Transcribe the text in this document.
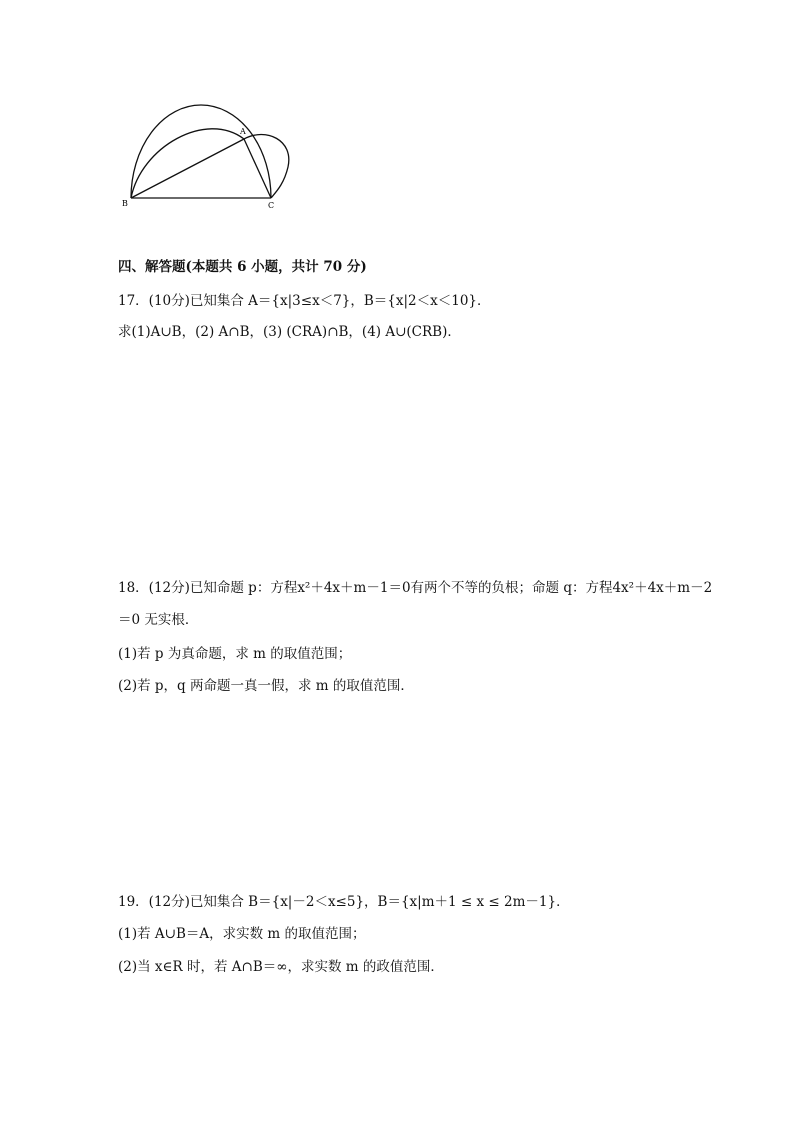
A
B	C
四、解答题(本题共 6 小题，共计 70 分)
17．(10分)已知集合 A＝{x|3≤x＜7}，B＝{x|2＜x＜10}．
求(1)A∪B，(2) A∩B，(3) (CRA)∩B，(4) A∪(CRB)．
18．(12分)已知命题 p：方程x²＋4x＋m－1＝0有两个不等的负根；命题 q：方程4x²＋4x＋m－2
＝0 无实根．
(1)若 p 为真命题，求 m 的取值范围；
(2)若 p，q 两命题一真一假，求 m 的取值范围．
19．(12分)已知集合 B＝{x|－2＜x≤5}，B＝{x|m＋1 ≤ x ≤ 2m－1}．
(1)若 A∪B＝A，求实数 m 的取值范围；
(2)当 x∈R 时，若 A∩B＝∞，求实数 m 的政值范围．
